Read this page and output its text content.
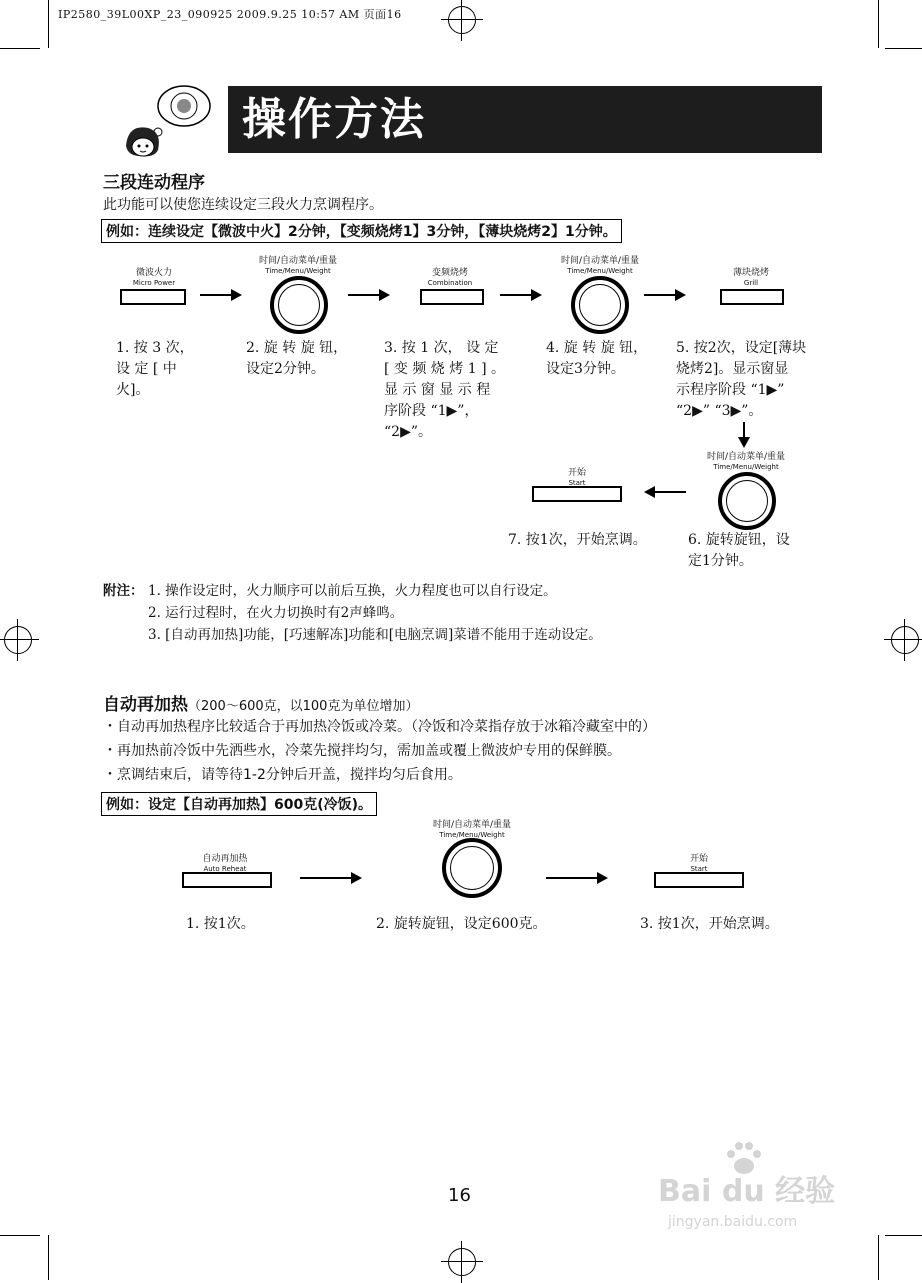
IP2580_39L00XP_23_090925 2009.9.25 10:57 AM 页面16
操作方法
三段连动程序
此功能可以使您连续设定三段火力烹调程序。
例如：连续设定【微波中火】2分钟，【变频烧烤1】3分钟，【薄块烧烤2】1分钟。
微波火力
Micro Power
时间/自动菜单/重量
Time/Menu/Weight	变频烧烤
Combination
时间/自动菜单/重量
Time/Menu/Weight	薄块烧烤
Grill
1. 按 3 次，
设 定 [ 中
火]。
2. 旋 转 旋 钮，
设定2分钟。
3. 按 1 次， 设 定
[ 变 频 烧 烤 1 ] 。
显 示 窗 显 示 程
序阶段 “1▶”，
“2▶”。
4. 旋 转 旋 钮，
设定3分钟。
5. 按2次，设定[薄块
烧烤2]。显示窗显
示程序阶段 “1▶”
“2▶” “3▶”。
时间/自动菜单/重量
Time/Menu/Weight
开始
Start
7. 按1次，开始烹调。	6. 旋转旋钮，设
定1分钟。
附注： 1. 操作设定时，火力顺序可以前后互换，火力程度也可以自行设定。
2. 运行过程时，在火力切换时有2声蜂鸣。
3. [自动再加热]功能，[巧速解冻]功能和[电脑烹调]菜谱不能用于连动设定。
自动再加热（200～600克，以100克为单位增加）
・自动再加热程序比较适合于再加热冷饭或冷菜。（冷饭和冷菜指存放于冰箱冷藏室中的）
・再加热前冷饭中先洒些水，冷菜先搅拌均匀，需加盖或覆上微波炉专用的保鲜膜。
・烹调结束后，请等待1-2分钟后开盖，搅拌均匀后食用。
例如：设定【自动再加热】600克(冷饭)。
自动再加热
Auto Reheat
时间/自动菜单/重量
Time/Menu/Weight
开始
Start
1. 按1次。	2. 旋转旋钮，设定600克。	3. 按1次，开始烹调。
16	Bai du 经验
jingyan.baidu.com
